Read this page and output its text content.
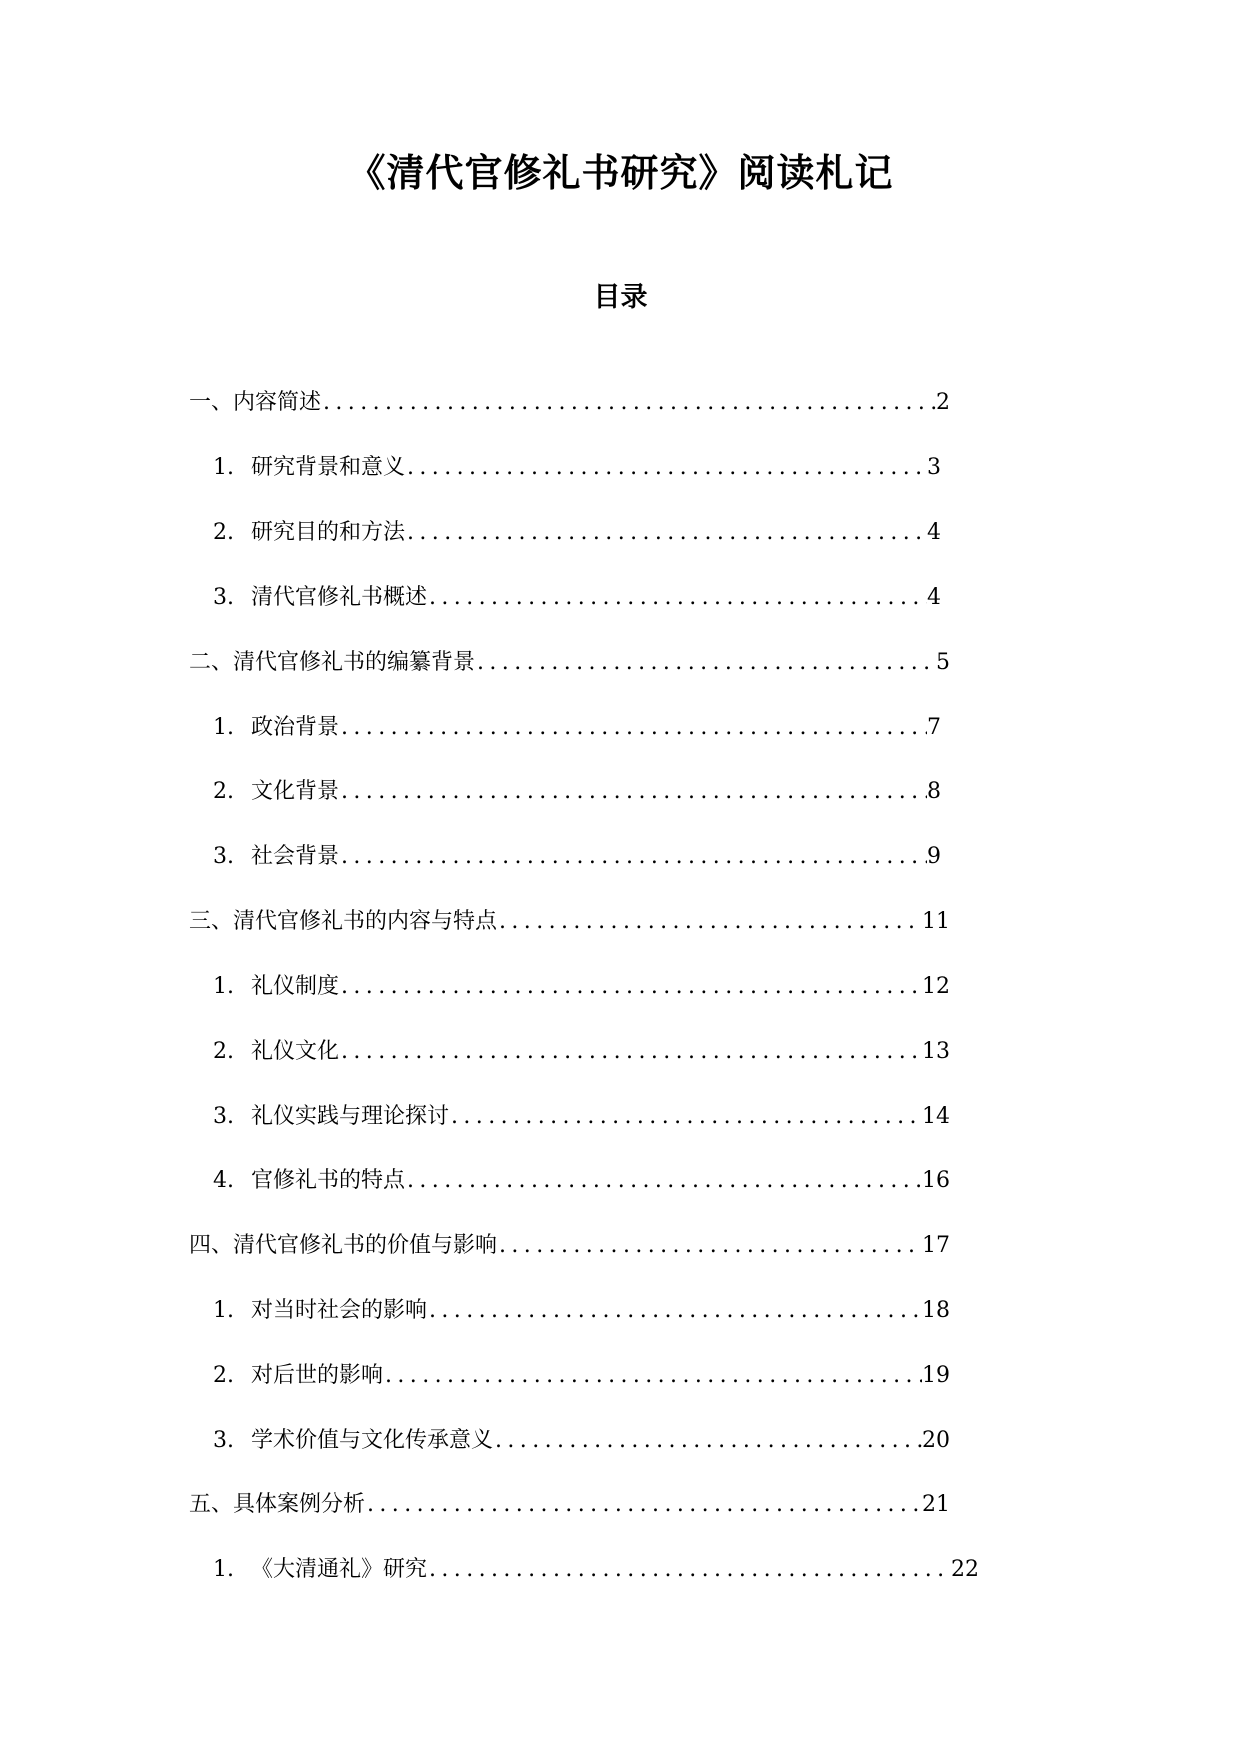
《清代官修礼书研究》阅读札记
目录
一、内容简述 .....	2
1. 研究背景和意义 .....	3
2. 研究目的和方法 .....	4
3. 清代官修礼书概述 .....	4
二、清代官修礼书的编纂背景 .....	5
1. 政治背景 .....	7
2. 文化背景 .....	8
3. 社会背景 .....	9
三、清代官修礼书的内容与特点 .....	11
1. 礼仪制度 .....	12
2. 礼仪文化 .....	13
3. 礼仪实践与理论探讨 .....	14
4. 官修礼书的特点 .....	16
四、清代官修礼书的价值与影响 .....	17
1. 对当时社会的影响 .....	18
2. 对后世的影响 .....	19
3. 学术价值与文化传承意义 .....	20
五、具体案例分析 .....	21
1. 《大清通礼》研究 .....	22
